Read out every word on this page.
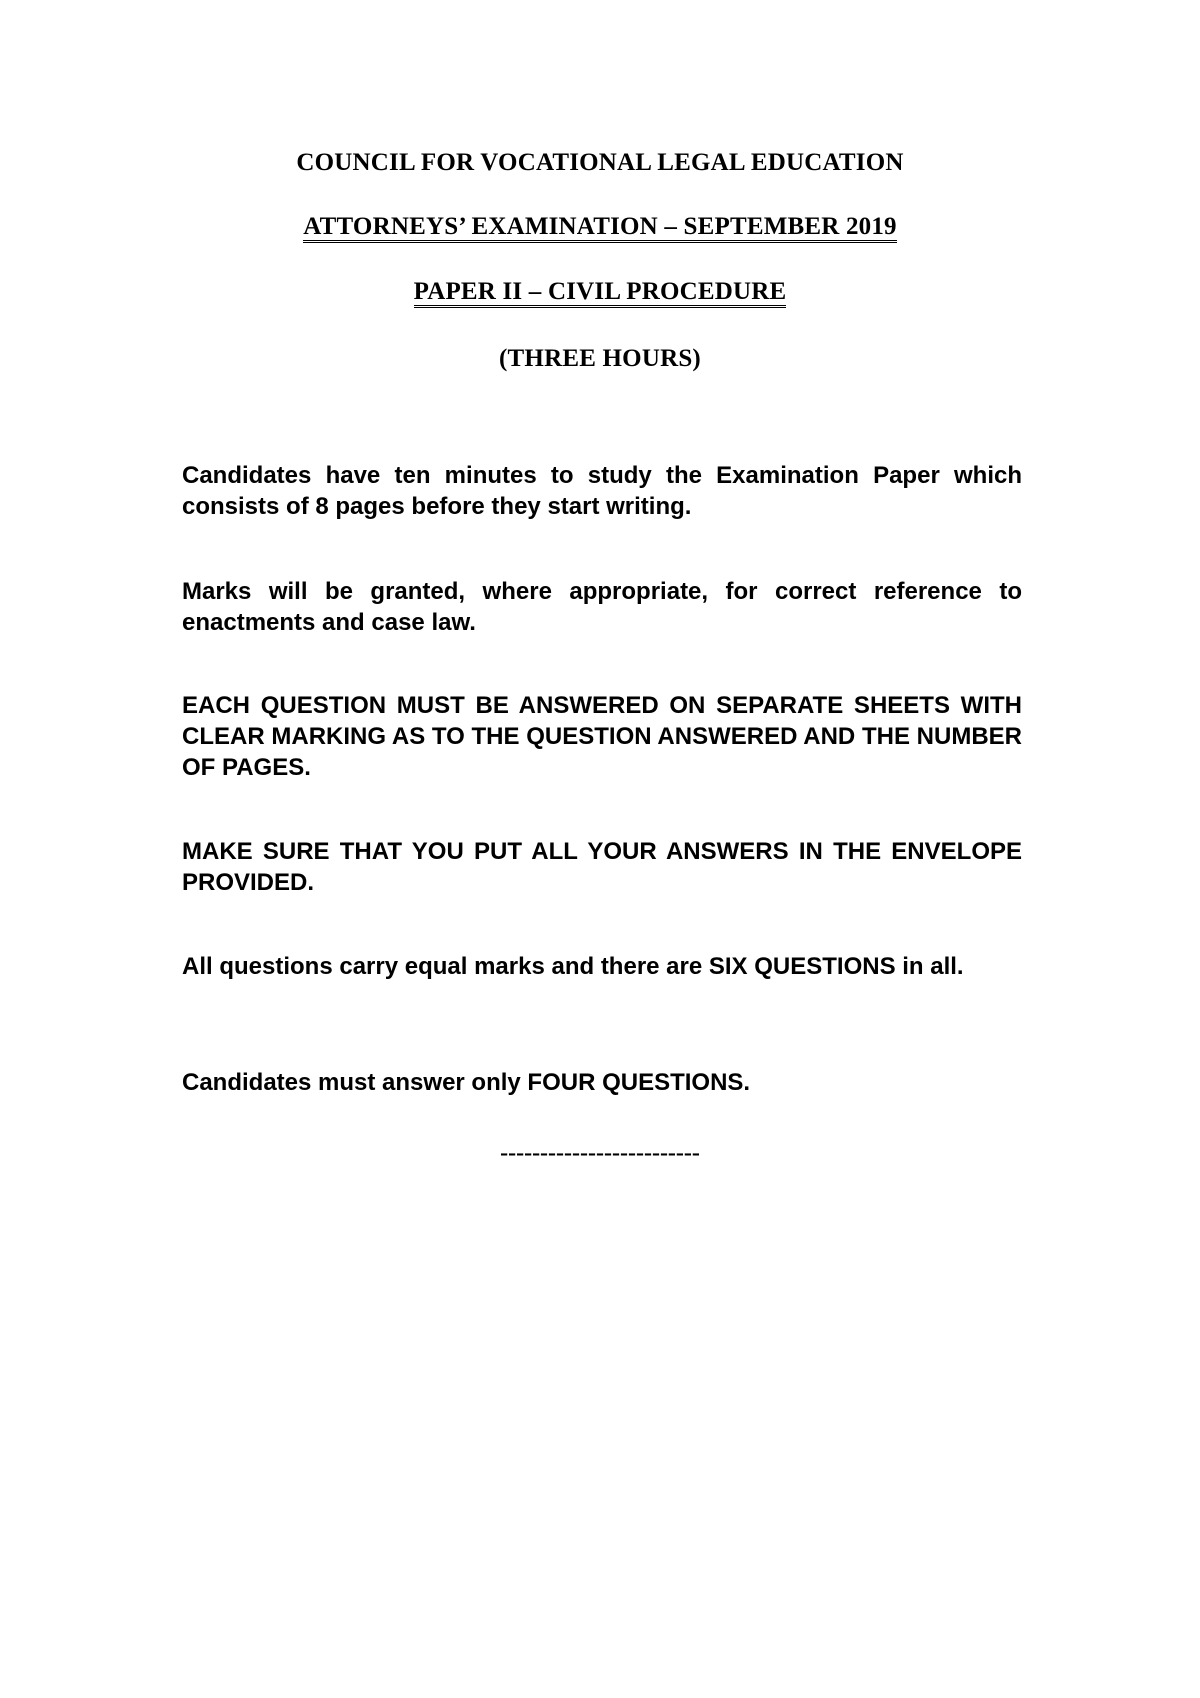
COUNCIL FOR VOCATIONAL LEGAL EDUCATION
ATTORNEYS’ EXAMINATION – SEPTEMBER 2019
PAPER II – CIVIL PROCEDURE
(THREE HOURS)
Candidates have ten minutes to study the Examination Paper which consists of 8 pages before they start writing.
Marks will be granted, where appropriate, for correct reference to enactments and case law.
EACH QUESTION MUST BE ANSWERED ON SEPARATE SHEETS WITH CLEAR MARKING AS TO THE QUESTION ANSWERED AND THE NUMBER OF PAGES.
MAKE SURE THAT YOU PUT ALL YOUR ANSWERS IN THE ENVELOPE PROVIDED.
All questions carry equal marks and there are SIX QUESTIONS in all.
Candidates must answer only FOUR QUESTIONS.
-------------------------
